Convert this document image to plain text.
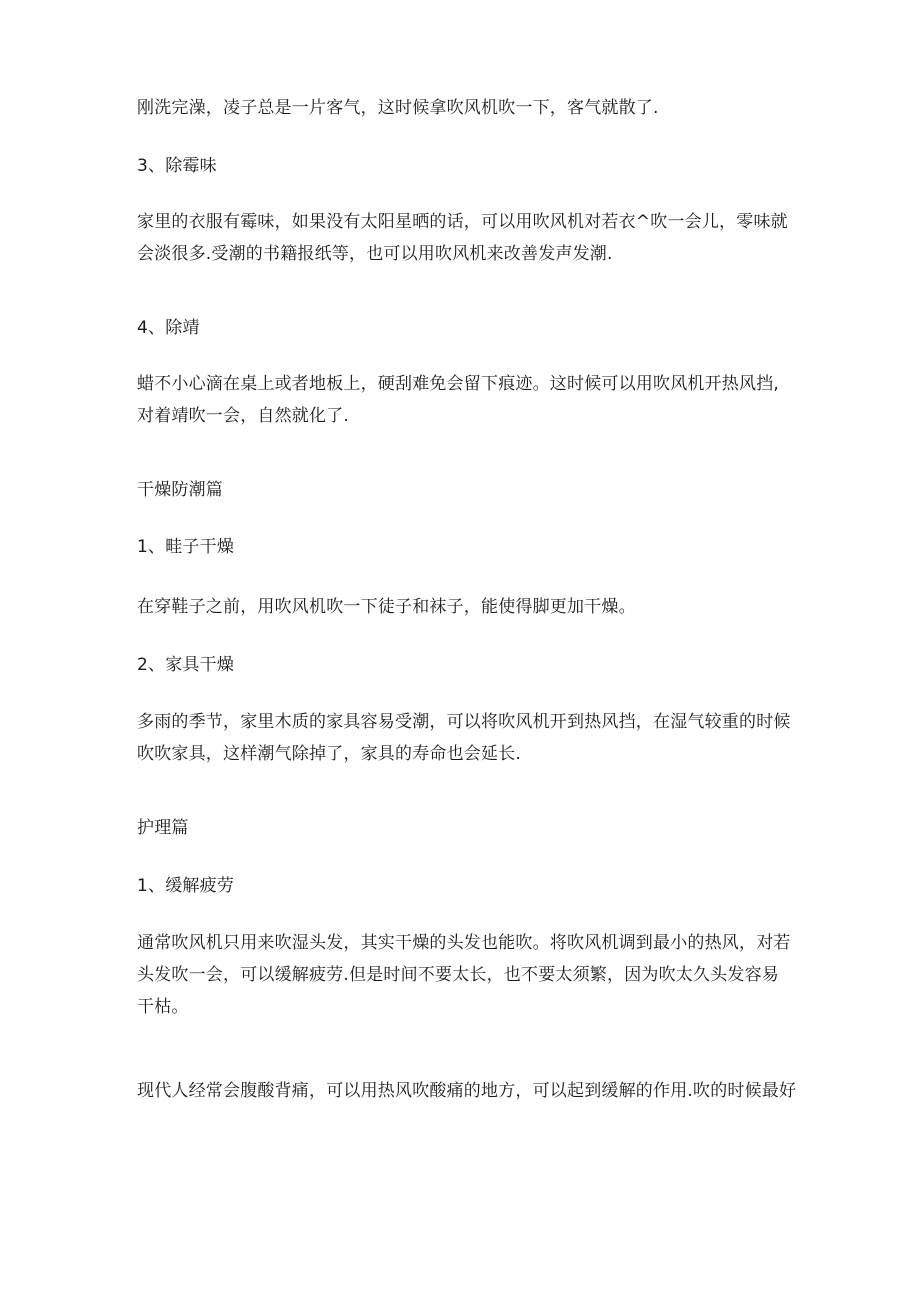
刚洗完澡，凌子总是一片客气，这时候拿吹风机吹一下，客气就散了.
3、除霉味
家里的衣服有霉味，如果没有太阳星晒的话，可以用吹风机对若衣^吹一会儿，零味就会淡很多.受潮的书籍报纸等，也可以用吹风机来改善发声发潮.
4、除靖
蜡不小心滴在桌上或者地板上，硬刮难免会留下痕迹。这时候可以用吹风机开热风挡,对着靖吹一会，自然就化了.
干燥防潮篇
1、畦子干燥
在穿鞋子之前，用吹风机吹一下徒子和袜子，能使得脚更加干燥。
2、家具干燥
多雨的季节，家里木质的家具容易受潮，可以将吹风机开到热风挡，在湿气较重的时候吹吹家具，这样潮气除掉了，家具的寿命也会延长.
护理篇
1、缓解疲劳
通常吹风机只用来吹湿头发，其实干燥的头发也能吹。将吹风机调到最小的热风，对若头发吹一会，可以缓解疲劳.但是时间不要太长，也不要太须繁，因为吹太久头发容易干枯。
现代人经常会腹酸背痛，可以用热风吹酸痛的地方，可以起到缓解的作用.吹的时候最好
